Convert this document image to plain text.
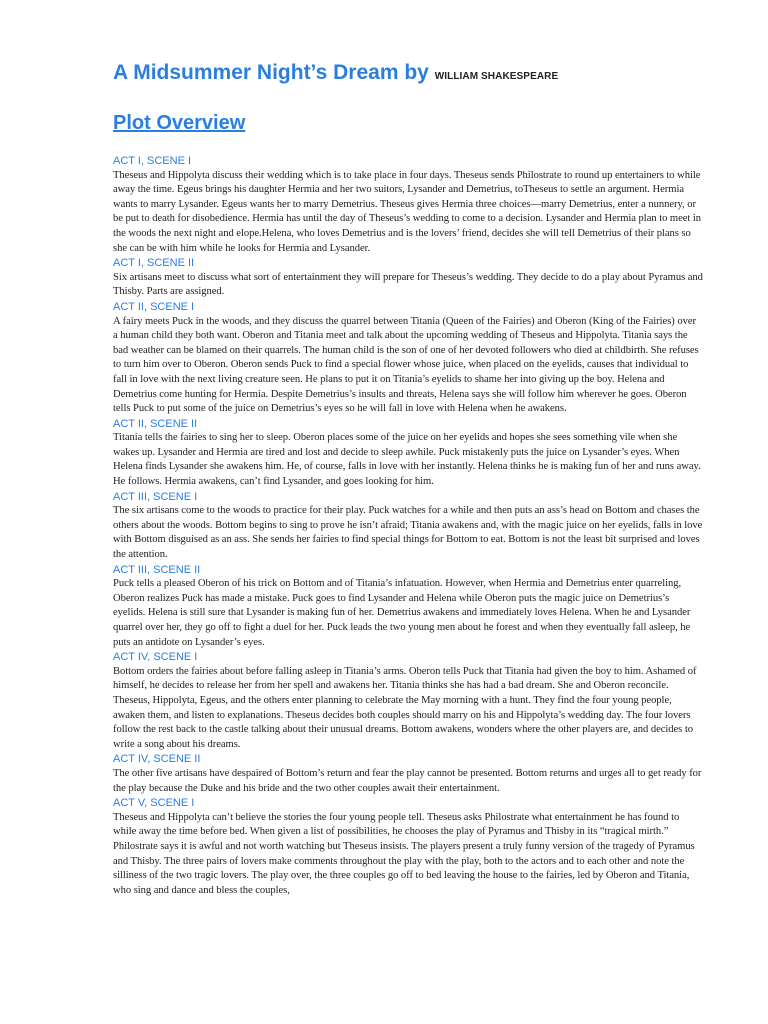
A Midsummer Night’s Dream by WILLIAM SHAKESPEARE
Plot Overview

ACT I, SCENE I

Theseus and Hippolyta discuss their wedding which is to take place in four days. Theseus sends Philostrate to round up entertainers to while away the time. Egeus brings his daughter Hermia and her two suitors, Lysander and Demetrius, toTheseus to settle an argument. Hermia wants to marry Lysander. Egeus wants her to marry Demetrius. Theseus gives Hermia three choices—marry Demetrius, enter a nunnery, or be put to death for disobedience. Hermia has until the day of Theseus’s wedding to come to a decision. Lysander and Hermia plan to meet in the woods the next night and elope.Helena, who loves Demetrius and is the lovers’ friend, decides she will tell Demetrius of their plans so she can be with him while he looks for Hermia and Lysander.

ACT I, SCENE II

Six artisans meet to discuss what sort of entertainment they will prepare for Theseus’s wedding. They decide to do a play about Pyramus and Thisby. Parts are assigned.

ACT II, SCENE I

A fairy meets Puck in the woods, and they discuss the quarrel between Titania (Queen of the Fairies) and Oberon (King of the Fairies) over a human child they both want. Oberon and Titania meet and talk about the upcoming wedding of Theseus and Hippolyta. Titania says the bad weather can be blamed on their quarrels. The human child is the son of one of her devoted followers who died at childbirth. She refuses to turn him over to Oberon. Oberon sends Puck to find a special flower whose juice, when placed on the eyelids, causes that individual to fall in love with the next living creature seen. He plans to put it on Titania’s eyelids to shame her into giving up the boy. Helena and Demetrius come hunting for Hermia. Despite Demetrius’s insults and threats, Helena says she will follow him wherever he goes. Oberon tells Puck to put some of the juice on Demetrius’s eyes so he will fall in love with Helena when he awakens.

ACT II, SCENE II

Titania tells the fairies to sing her to sleep. Oberon places some of the juice on her eyelids and hopes she sees something vile when she wakes up. Lysander and Hermia are tired and lost and decide to sleep awhile. Puck mistakenly puts the juice on Lysander’s eyes. When Helena finds Lysander she awakens him. He, of course, falls in love with her instantly. Helena thinks he is making fun of her and runs away. He follows. Hermia awakens, can’t find Lysander, and goes looking for him.

ACT III, SCENE I

The six artisans come to the woods to practice for their play. Puck watches for a while and then puts an ass’s head on Bottom and chases the others about the woods. Bottom begins to sing to prove he isn’t afraid; Titania awakens and, with the magic juice on her eyelids, falls in love with Bottom disguised as an ass. She sends her fairies to find special things for Bottom to eat. Bottom is not the least bit surprised and loves the attention.

ACT III, SCENE II

Puck tells a pleased Oberon of his trick on Bottom and of Titania’s infatuation. However, when Hermia and Demetrius enter quarreling, Oberon realizes Puck has made a mistake. Puck goes to find Lysander and Helena while Oberon puts the magic juice on Demetrius’s eyelids. Helena is still sure that Lysander is making fun of her. Demetrius awakens and immediately loves Helena. When he and Lysander quarrel over her, they go off to fight a duel for her. Puck leads the two young men about he forest and when they eventually fall asleep, he puts an antidote on Lysander’s eyes.

ACT IV, SCENE I

Bottom orders the fairies about before falling asleep in Titania’s arms. Oberon tells Puck that Titania had given the boy to him. Ashamed of himself, he decides to release her from her spell and awakens her. Titania thinks she has had a bad dream. She and Oberon reconcile. Theseus, Hippolyta, Egeus, and the others enter planning to celebrate the May morning with a hunt. They find the four young people, awaken them, and listen to explanations. Theseus decides both couples should marry on his and Hippolyta’s wedding day. The four lovers follow the rest back to the castle talking about their unusual dreams. Bottom awakens, wonders where the other players are, and decides to write a song about his dreams.

ACT IV, SCENE II

The other five artisans have despaired of Bottom’s return and fear the play cannot be presented. Bottom returns and urges all to get ready for the play because the Duke and his bride and the two other couples await their entertainment.

ACT V, SCENE I

Theseus and Hippolyta can’t believe the stories the four young people tell. Theseus asks Philostrate what entertainment he has found to while away the time before bed. When given a list of possibilities, he chooses the play of Pyramus and Thisby in its “tragical mirth.” Philostrate says it is awful and not worth watching but Theseus insists. The players present a truly funny version of the tragedy of Pyramus and Thisby. The three pairs of lovers make comments throughout the play with the play, both to the actors and to each other and note the silliness of the two tragic lovers. The play over, the three couples go off to bed leaving the house to the fairies, led by Oberon and Titania, who sing and dance and bless the couples,
